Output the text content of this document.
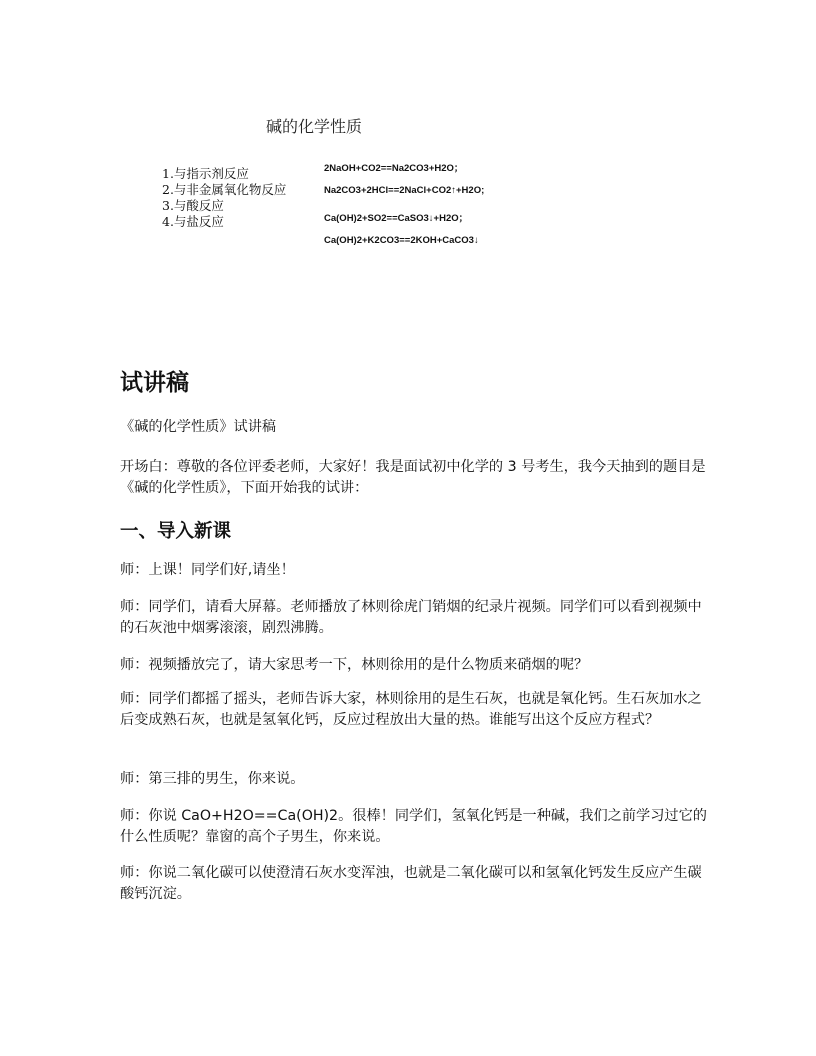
碱的化学性质
1.与指示剂反应
2.与非金属氧化物反应
3.与酸反应
4.与盐反应
2NaOH+CO2==Na2CO3+H2O；
Na2CO3+2HCl==2NaCl+CO2↑+H2O;
Ca(OH)2+SO2==CaSO3↓+H2O；
Ca(OH)2+K2CO3==2KOH+CaCO3↓
试讲稿
《碱的化学性质》试讲稿
开场白：尊敬的各位评委老师，大家好！我是面试初中化学的 3 号考生，我今天抽到的题目是《碱的化学性质》，下面开始我的试讲：
一、导入新课
师：上课！同学们好,请坐！
师：同学们，请看大屏幕。老师播放了林则徐虎门销烟的纪录片视频。同学们可以看到视频中的石灰池中烟雾滚滚，剧烈沸腾。
师：视频播放完了，请大家思考一下，林则徐用的是什么物质来硝烟的呢？
师：同学们都摇了摇头，老师告诉大家，林则徐用的是生石灰，也就是氧化钙。生石灰加水之后变成熟石灰，也就是氢氧化钙，反应过程放出大量的热。谁能写出这个反应方程式？
师：第三排的男生，你来说。
师：你说 CaO+H2O==Ca(OH)2。很棒！同学们，氢氧化钙是一种碱，我们之前学习过它的什么性质呢？靠窗的高个子男生，你来说。
师：你说二氧化碳可以使澄清石灰水变浑浊，也就是二氧化碳可以和氢氧化钙发生反应产生碳酸钙沉淀。
